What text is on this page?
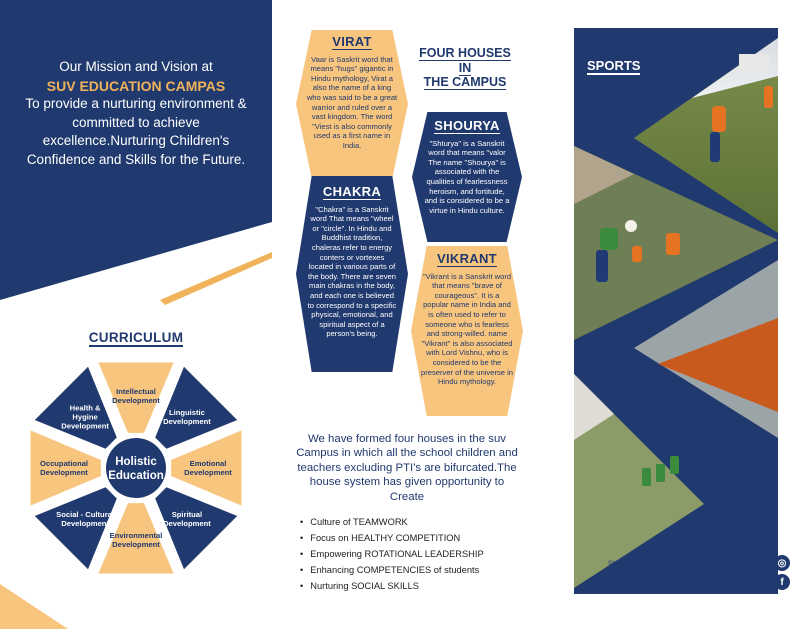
Our Mission and Vision at
SUV EDUCATION CAMPAS
To provide a nurturing environment & committed to achieve excellence.Nurturing Children's Confidence and Skills for the Future.
CURRICULUM
Intellectual Development
Linguistic Development
Emotional Development
Spiritual Development
Environmental Development
Social - Cultural Development
Occupational Development
Health & Hygine Development
Holistic
Education
VIRAT
Vaar is Saskrit word that means "hugs" gigantic in Hindu mythology, Virat a also the name of a king who was said to be a great warrior and ruled over a vast kingdom. The word "Viest is also commonly used as a first name in India.
FOUR HOUSES
IN
THE CAMPUS
SHOURYA
"Shturya" is a Sanskrit word that means "valor The name "Shourya" is associated with the qualities of fearlessness heroism, and fortitude, and is considered to be a virtue in Hindu culture.
CHAKRA
"Chakra" is a Sanskrit word That means "wheel or "circle". In Hindu and Buddhist tradition, chaleras refer to energy conters or vortexes located in various parts of the body. There are seven main chakras in the body, and each one is believed to correspond to a specific physical, emotional, and spiritual aspect of a person's being.
VIKRANT
"Vikrant is a Sanskrit word that means "brave of courageous". It is a popular name in India and is often used to refer to someone who is fearless and strong-willed. name "Vikrant" is also associated with Lord Vishnu, who is considered to be the preserver of the universe in Hindu mythology.
We have formed four houses in the suv Campus in which all the school children and teachers excluding PTI's are bifurcated.The house system has given opportunity to Create
• Culture of TEAMWORK
• Focus on HEALTHY COMPETITION
• Empowering ROTATIONAL LEADERSHIP
• Enhancing COMPETENCIES of students
• Nurturing SOCIAL SKILLS
SPORTS
suv_education_campus_	◎
Satrawala Uma Vidyapith - suv	f
